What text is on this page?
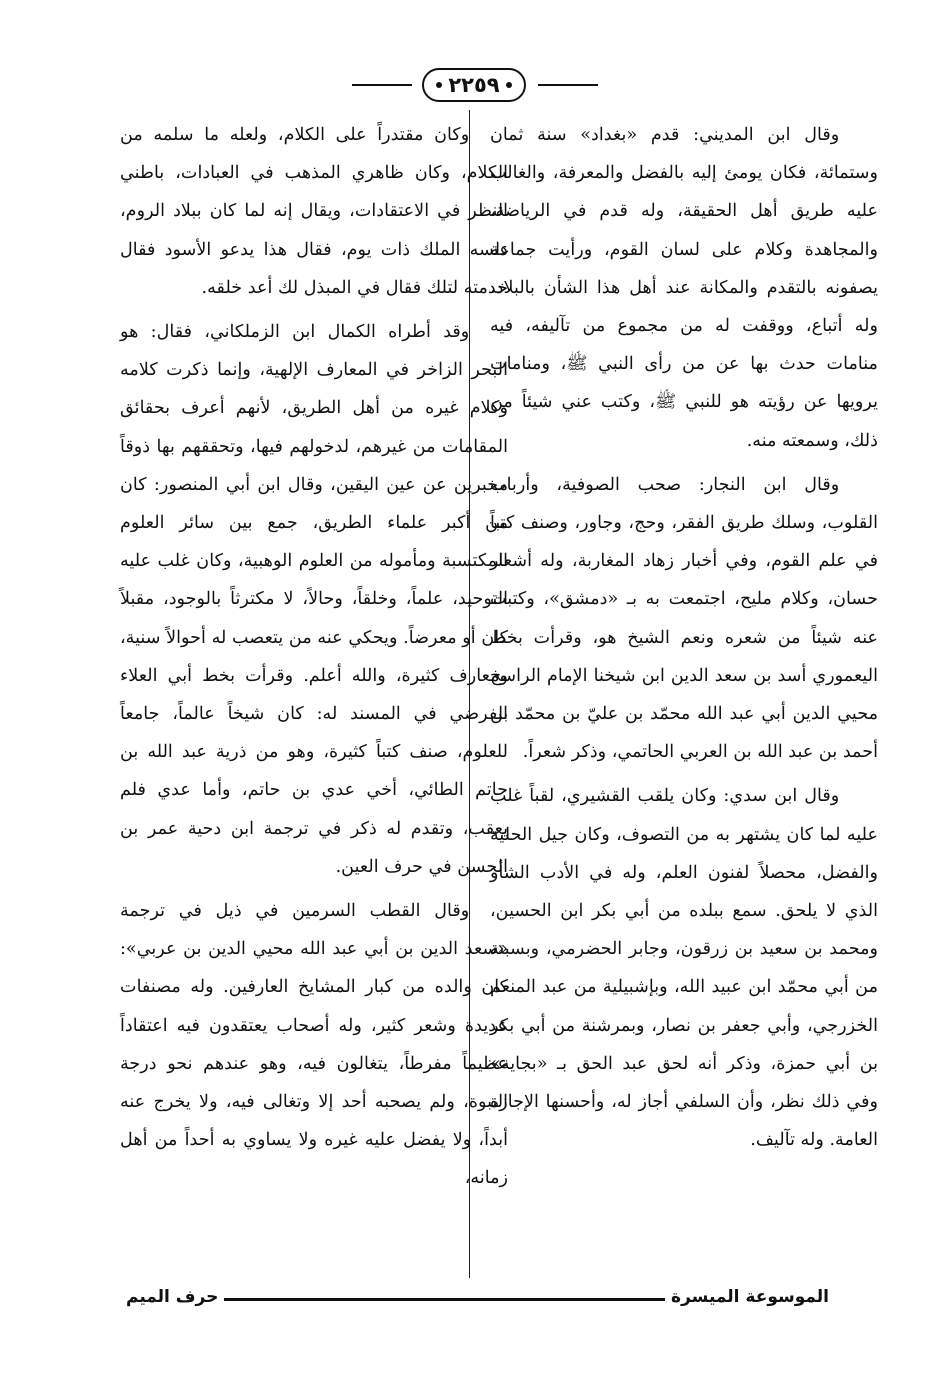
٢٢٥٩

وقال ابن المديني: قدم «بغداد» سنة ثمان وستمائة، فكان يومئ إليه بالفضل والمعرفة، والغالب عليه طريق أهل الحقيقة، وله قدم في الرياضة، والمجاهدة وكلام على لسان القوم، ورأيت جماعة يصفونه بالتقدم والمكانة عند أهل هذا الشأن بالبلاد، وله أتباع، ووقفت له من مجموع من تآليفه، فيه منامات حدث بها عن من رأى النبي ﷺ، ومنامات يرويها عن رؤيته هو للنبي ﷺ، وكتب عني شيئاً من ذلك، وسمعته منه.

وقال ابن النجار: صحب الصوفية، وأرباب القلوب، وسلك طريق الفقر، وحج، وجاور، وصنف كتباً في علم القوم، وفي أخبار زهاد المغاربة، وله أشعار حسان، وكلام مليح، اجتمعت به بـ «دمشق»، وكتبت عنه شيئاً من شعره ونعم الشيخ هو، وقرأت بخط اليعموري أسد بن سعد الدين ابن شيخنا الإمام الراسخ محيي الدين أبي عبد الله محمّد بن عليّ بن محمّد بن أحمد بن عبد الله بن العربي الحاتمي، وذكر شعراً.

وقال ابن سدي: وكان يلقب القشيري، لقباً غلب عليه لما كان يشتهر به من التصوف، وكان جيل الحلية والفضل، محصلاً لفنون العلم، وله في الأدب الشأو الذي لا يلحق. سمع ببلده من أبي بكر ابن الحسين، ومحمد بن سعيد بن زرقون، وجابر الحضرمي، وبسبتة من أبي محمّد ابن عبيد الله، وبإشبيلية من عبد المنعم الخزرجي، وأبي جعفر بن نصار، وبمرشنة من أبي بكر بن أبي حمزة، وذكر أنه لحق عبد الحق بـ «بجاية» وفي ذلك نظر، وأن السلفي أجاز له، وأحسنها الإجازة العامة. وله تآليف.

وكان مقتدراً على الكلام، ولعله ما سلمه من الكلام، وكان ظاهري المذهب في العبادات، باطني النظر في الاعتقادات، ويقال إنه لما كان ببلاد الروم، دلسه الملك ذات يوم، فقال هذا يدعو الأسود فقال خدمته لتلك فقال في المبذل لك أعد خلقه.

وقد أطراه الكمال ابن الزملكاني، فقال: هو البحر الزاخر في المعارف الإلهية، وإنما ذكرت كلامه وكلام غيره من أهل الطريق، لأنهم أعرف بحقائق المقامات من غيرهم، لدخولهم فيها، وتحققهم بها ذوقاً مخبرين عن عين اليقين، وقال ابن أبي المنصور: كان من أكبر علماء الطريق، جمع بين سائر العلوم المكتسبة ومأموله من العلوم الوهبية، وكان غلب عليه التوحيد، علماً، وخلقاً، وحالاً، لا مكترثاً بالوجود، مقبلاً كان أو معرضاً. ويحكي عنه من يتعصب له أحوالاً سنية، ومعارف كثيرة، والله أعلم. وقرأت بخط أبي العلاء الفرضي في المسند له: كان شيخاً عالماً، جامعاً للعلوم، صنف كتباً كثيرة، وهو من ذرية عبد الله بن حاتم الطائي، أخي عدي بن حاتم، وأما عدي فلم يعقب، وتقدم له ذكر في ترجمة ابن دحية عمر بن الحسن في حرف العين.

وقال القطب السرمين في ذيل في ترجمة «سعد الدين بن أبي عبد الله محيي الدين بن عربي»: كان والده من كبار المشايخ العارفين. وله مصنفات عديدة وشعر كثير، وله أصحاب يعتقدون فيه اعتقاداً عظيماً مفرطاً، يتغالون فيه، وهو عندهم نحو درجة النبوة، ولم يصحبه أحد إلا وتغالى فيه، ولا يخرج عنه أبداً، ولا يفضل عليه غيره ولا يساوي به أحداً من أهل زمانه،

الموسوعة الميسرة
حرف الميم
